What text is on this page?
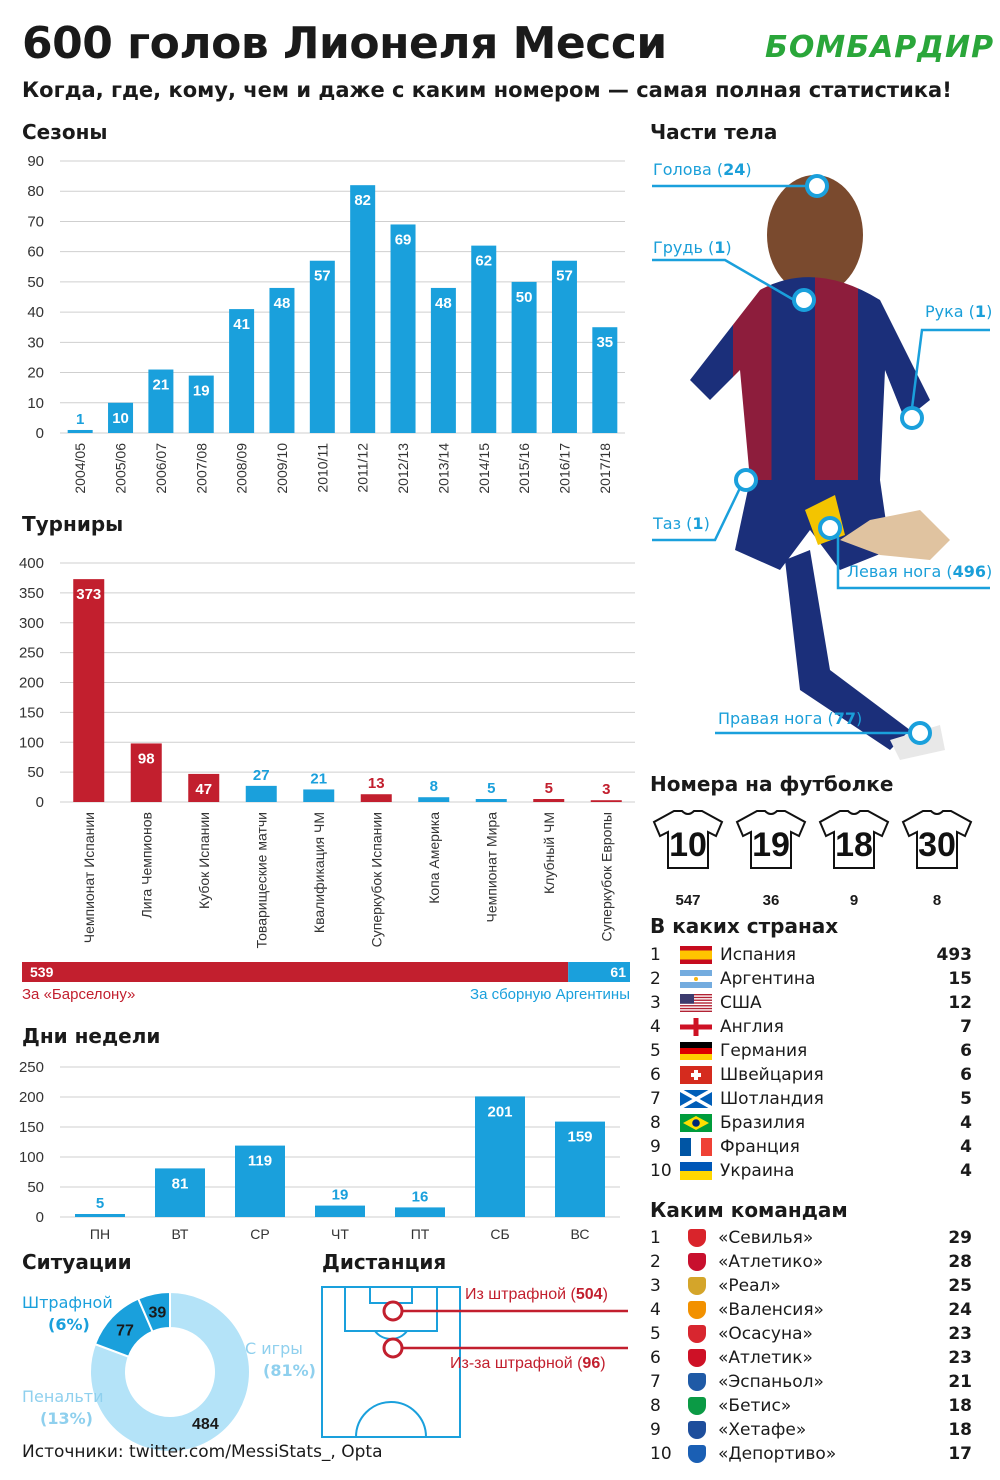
600 голов Лионеля Месси
Когда, где, кому, чем и даже с каким номером — самая полная статистика!
БОМБАРДИР
Сезоны
Турниры
Дни недели
Ситуации	Дистанция
Части тела
Номера на футболке
В каких странах
Каким командам
0
10
20
30
40
50
60
70
80
90
1
2004/05
10
2005/06
21
2006/07
19
2007/08
41
2008/09
48
2009/10
57
2010/11
82
2011/12
69
2012/13
48
2013/14
62
2014/15
50
2015/16
57
2016/17
35
2017/18
0
50
100
150
200
250
300
350
400
373
Чемпионат Испании
98
Лига Чемпионов
47
Кубок Испании
27
Товарищеские матчи
21
Квалификация ЧМ
13
Суперкубок Испании
8
Копа Америка
5
Чемпионат Мира
5
Клубный ЧМ
3
Суперкубок Европы
539	61
За «Барселону»	За сборную Аргентины
0
50
100
150
200
250
5
ПН
81
ВТ
119
СР
19
ЧТ
16
ПТ
201
СБ
159
ВС
484
77
39
Из штрафной (504)
Из-за штрафной (96)
Голова (24)
Грудь (1)
Рука (1)
Таз (1)
Левая нога (496)
Правая нога (77)
10
547
19
36
18
9
30
8
1	Испания	493
2	Аргентина	15
3	США	12
4	Англия	7
5	Германия	6
6	Швейцария	6
7	Шотландия	5
8	Бразилия	4
9	Франция	4
10	Украина	4
1	«Севилья»	29
2	«Атлетико»	28
3	«Реал»	25
4	«Валенсия»	24
5	«Осасуна»	23
6	«Атлетик»	23
7	«Эспаньол»	21
8	«Бетис»	18
9	«Хетафе»	18
10	«Депортиво»	17
Источники: twitter.com/MessiStats_, Opta
С игры
(81%)
Пенальти
(13%)
Штрафной
(6%)
